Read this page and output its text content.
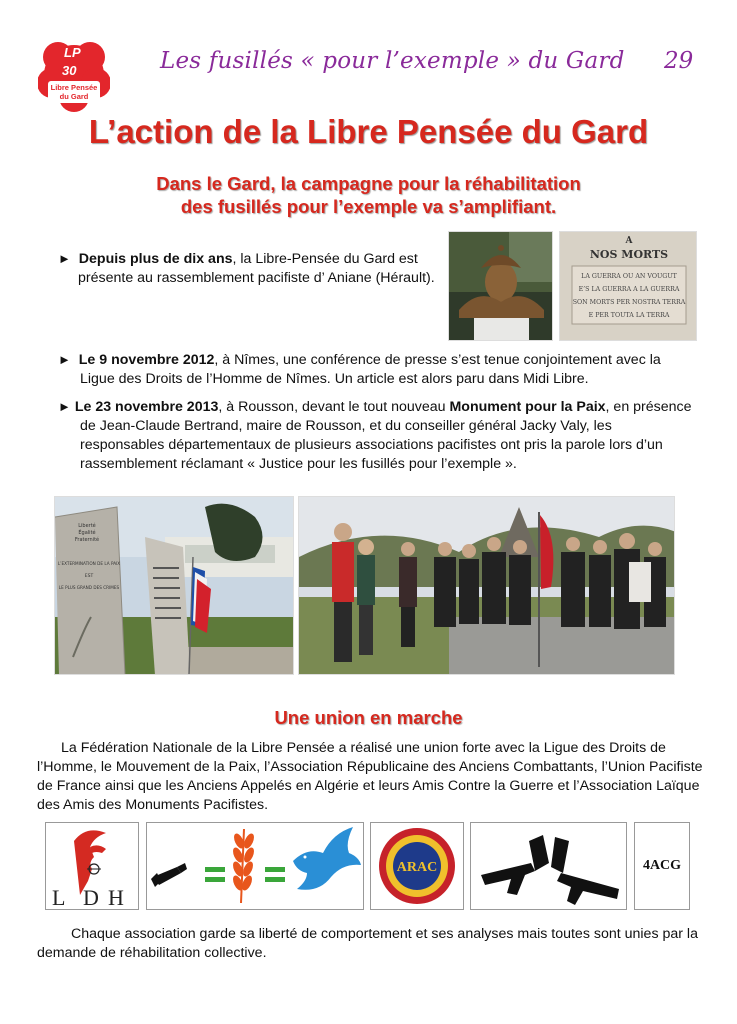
LP
30
Libre Pensée
du Gard
Les fusillés « pour l’exemple » du Gard 29
L’action de la Libre Pensée du Gard
Dans le Gard, la campagne pour la réhabilitation
des fusillés pour l’exemple va s’amplifiant.
► Depuis plus de dix ans, la Libre-Pensée du Gard est présente au rassemblement pacifiste d’ Aniane (Hérault).
A
NOS MORTS
LA GUERRA OU AN VOUGUT
E’S LA GUERRA A LA GUERRA
SON MORTS PER NOSTRA TERRA
E PER TOUTA LA TERRA
► Le 9 novembre 2012, à Nîmes, une conférence de presse s’est tenue conjointement avec la Ligue des Droits de l’Homme de Nîmes. Un article est alors paru dans Midi Libre.
► Le 23 novembre 2013, à Rousson, devant le tout nouveau Monument pour la Paix, en présence de Jean-Claude Bertrand, maire de Rousson, et du conseiller général Jacky Valy, les responsables départementaux de plusieurs associations pacifistes ont pris la parole lors d’un rassemblement réclamant « Justice pour les fusillés pour l’exemple ».
Liberté
Égalité
Fraternité
L’EXTERMINATION DE LA PAIX
EST
LE PLUS GRAND DES CRIMES
Une union en marche
La Fédération Nationale de la Libre Pensée a réalisé une union forte avec la Ligue des Droits de l’Homme, le Mouvement de la Paix, l’Association Républicaine des Anciens Combattants, l’Union Pacifiste de France ainsi que les Anciens Appelés en Algérie et leurs Amis Contre la Guerre et l’Association Laïque des Amis des Monuments Pacifistes.
L D H
ARAC	4ACG
Chaque association garde sa liberté de comportement et ses analyses mais toutes sont unies par la demande de réhabilitation collective.
